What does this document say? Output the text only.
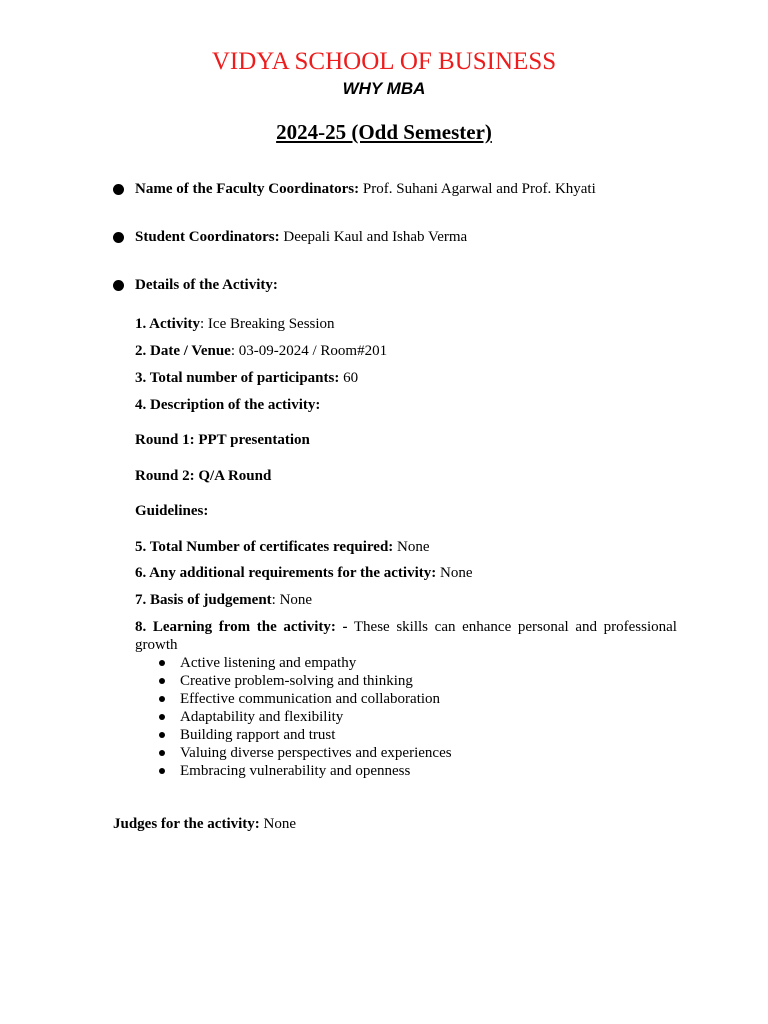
VIDYA SCHOOL OF BUSINESS
WHY MBA
2024-25 (Odd Semester)
Name of the Faculty Coordinators: Prof. Suhani Agarwal and Prof. Khyati
Student Coordinators: Deepali Kaul and Ishab Verma
Details of the Activity:
1. Activity: Ice Breaking Session
2. Date / Venue: 03-09-2024 / Room#201
3. Total number of participants: 60
4. Description of the activity:
Round 1: PPT presentation
Round 2: Q/A Round
Guidelines:
5. Total Number of certificates required: None
6. Any additional requirements for the activity: None
7. Basis of judgement: None
8. Learning from the activity: - These skills can enhance personal and professional growth
Active listening and empathy
Creative problem-solving and thinking
Effective communication and collaboration
Adaptability and flexibility
Building rapport and trust
Valuing diverse perspectives and experiences
Embracing vulnerability and openness
Judges for the activity: None
